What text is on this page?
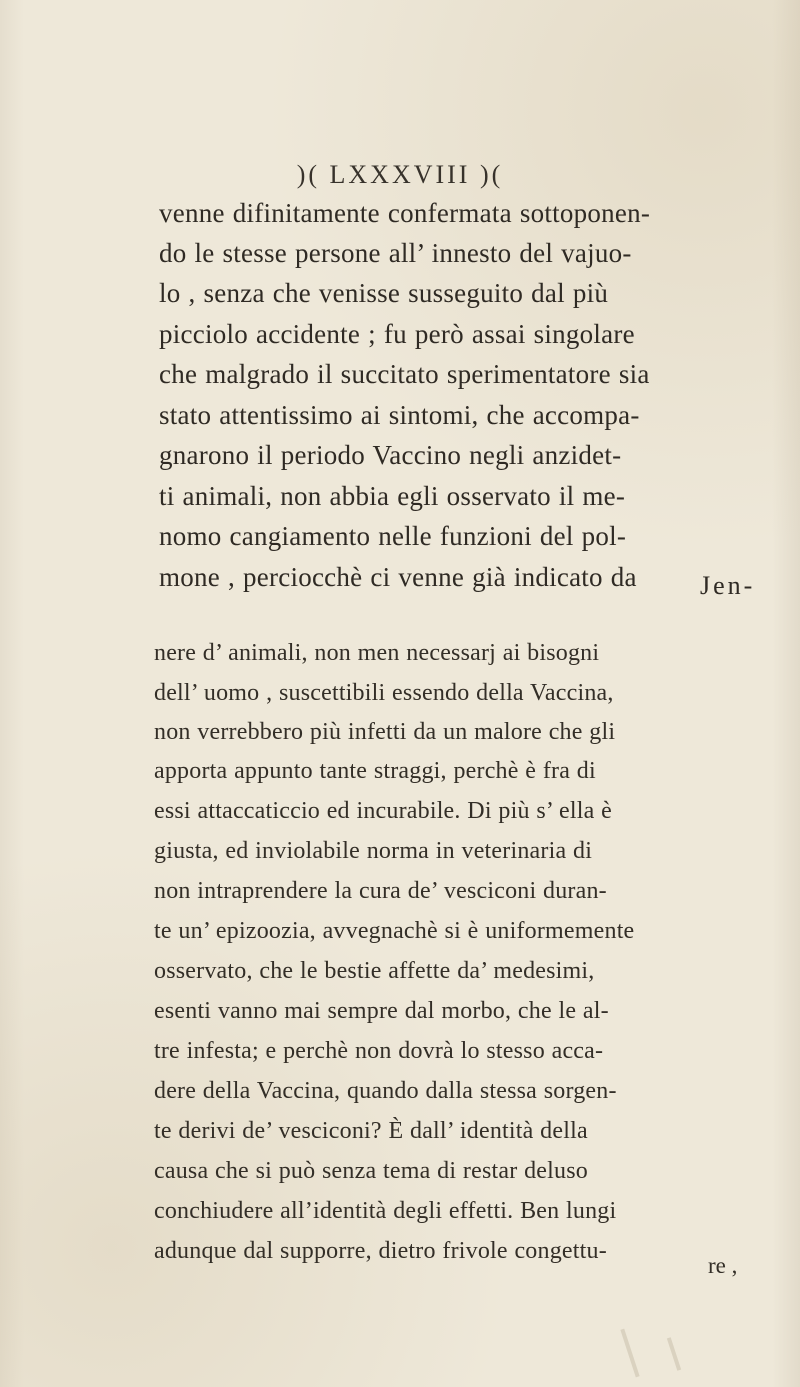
)( LXXXVIII )(
venne difinitamente confermata sottoponen-
do le stesse persone all’ innesto del vajuo-
lo , senza che venisse susseguito dal più
picciolo accidente ; fu però assai singolare
che malgrado il succitato sperimentatore sia
stato attentissimo ai sintomi, che accompa-
gnarono il periodo Vaccino negli anzidet-
ti animali, non abbia egli osservato il me-
nomo cangiamento nelle funzioni del pol-
mone , perciocchè ci venne già indicato da Jen-
nere d’ animali, non men necessarj ai bisogni
dell’ uomo , suscettibili essendo della Vaccina,
non verrebbero più infetti da un malore che gli
apporta appunto tante straggi, perchè è fra di
essi attaccaticcio ed incurabile. Di più s’ ella è
giusta, ed inviolabile norma in veterinaria di
non intraprendere la cura de’ vesciconi duran-
te un’ epizoozia, avvegnachè si è uniformemente
osservato, che le bestie affette da’ medesimi,
esenti vanno mai sempre dal morbo, che le al-
tre infesta; e perchè non dovrà lo stesso acca-
dere della Vaccina, quando dalla stessa sorgen-
te derivi de’ vesciconi? È dall’ identità della
causa che si può senza tema di restar deluso
conchiudere all’identità degli effetti. Ben lungi
adunque dal supporre, dietro frivole congettu-
re ,
